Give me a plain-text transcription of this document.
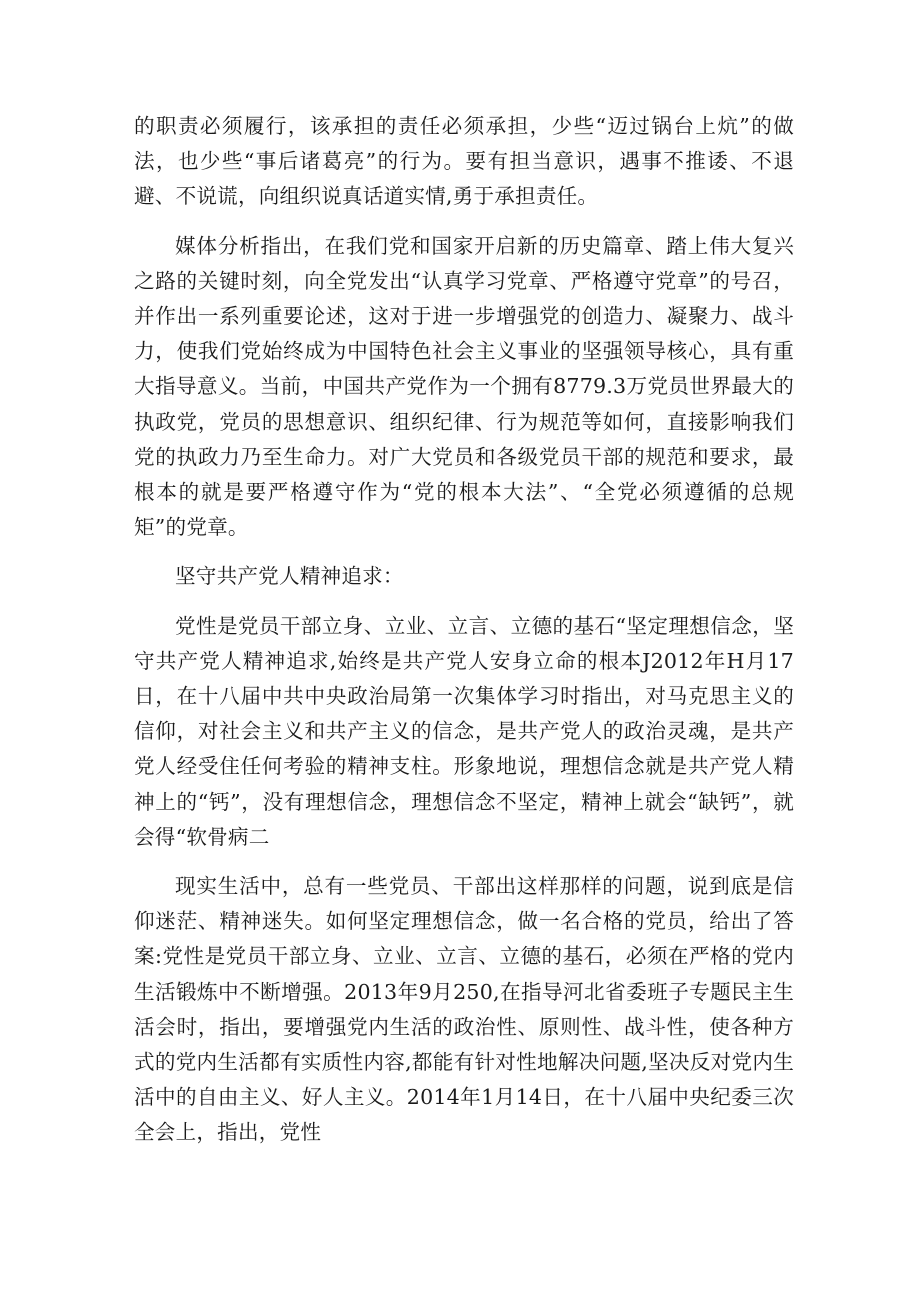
的职责必须履行，该承担的责任必须承担，少些“迈过锅台上炕”的做法，也少些“事后诸葛亮”的行为。要有担当意识，遇事不推诿、不退避、不说谎，向组织说真话道实情,勇于承担责任。

媒体分析指出，在我们党和国家开启新的历史篇章、踏上伟大复兴之路的关键时刻，向全党发出“认真学习党章、严格遵守党章”的号召，并作出一系列重要论述，这对于进一步增强党的创造力、凝聚力、战斗力，使我们党始终成为中国特色社会主义事业的坚强领导核心，具有重大指导意义。当前，中国共产党作为一个拥有8779.3万党员世界最大的执政党，党员的思想意识、组织纪律、行为规范等如何，直接影响我们党的执政力乃至生命力。对广大党员和各级党员干部的规范和要求，最根本的就是要严格遵守作为“党的根本大法”、“全党必须遵循的总规矩”的党章。

坚守共产党人精神追求：

党性是党员干部立身、立业、立言、立德的基石“坚定理想信念，坚守共产党人精神追求,始终是共产党人安身立命的根本J2012年H月17日，在十八届中共中央政治局第一次集体学习时指出，对马克思主义的信仰，对社会主义和共产主义的信念，是共产党人的政治灵魂，是共产党人经受住任何考验的精神支柱。形象地说，理想信念就是共产党人精神上的“钙”，没有理想信念，理想信念不坚定，精神上就会“缺钙”，就会得“软骨病二

现实生活中，总有一些党员、干部出这样那样的问题，说到底是信仰迷茫、精神迷失。如何坚定理想信念，做一名合格的党员，给出了答案:党性是党员干部立身、立业、立言、立德的基石，必须在严格的党内生活锻炼中不断增强。2013年9月250,在指导河北省委班子专题民主生活会时，指出，要增强党内生活的政治性、原则性、战斗性，使各种方式的党内生活都有实质性内容,都能有针对性地解决问题,坚决反对党内生活中的自由主义、好人主义。2014年1月14日，在十八届中央纪委三次全会上，指出，党性
